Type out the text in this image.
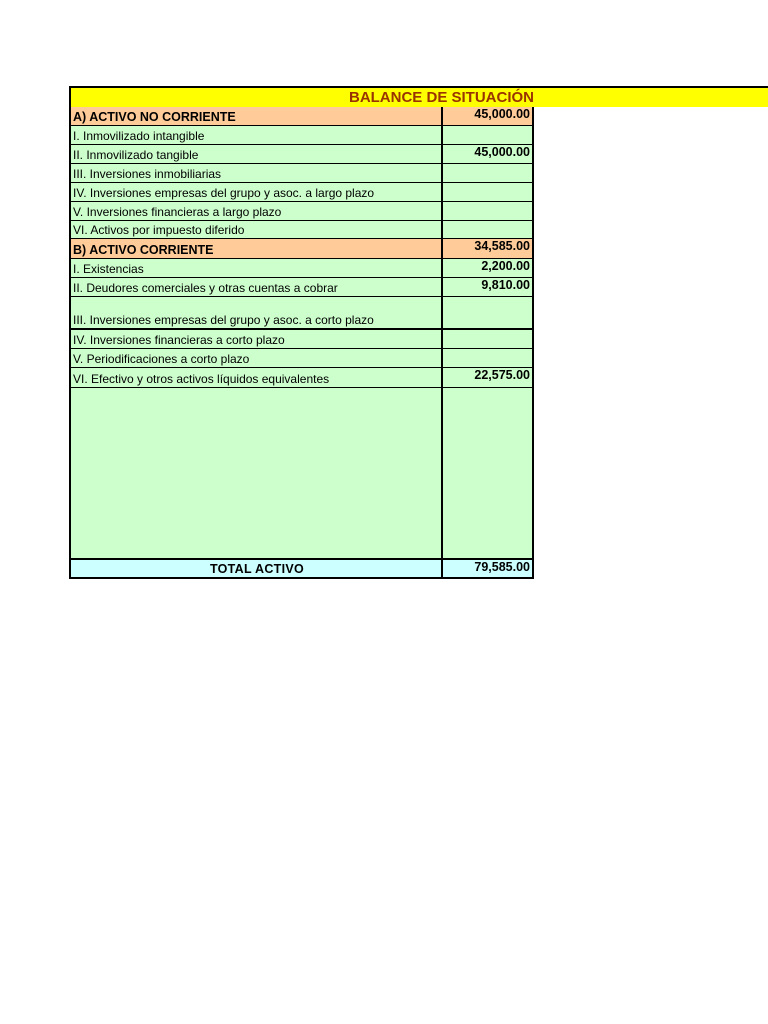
BALANCE DE SITUACIÓN
A) ACTIVO NO CORRIENTE	45,000.00
I. Inmovilizado intangible
II. Inmovilizado tangible	45,000.00
III. Inversiones inmobiliarias
IV. Inversiones empresas del grupo y asoc. a largo plazo
V. Inversiones financieras a largo plazo
VI. Activos por impuesto diferido
B) ACTIVO CORRIENTE	34,585.00
I. Existencias	2,200.00
II. Deudores comerciales y otras cuentas a cobrar	9,810.00
III. Inversiones empresas del grupo y asoc. a corto plazo
IV. Inversiones financieras a corto plazo
V. Periodificaciones a corto plazo
VI. Efectivo y otros activos líquidos equivalentes	22,575.00
TOTAL ACTIVO	79,585.00
